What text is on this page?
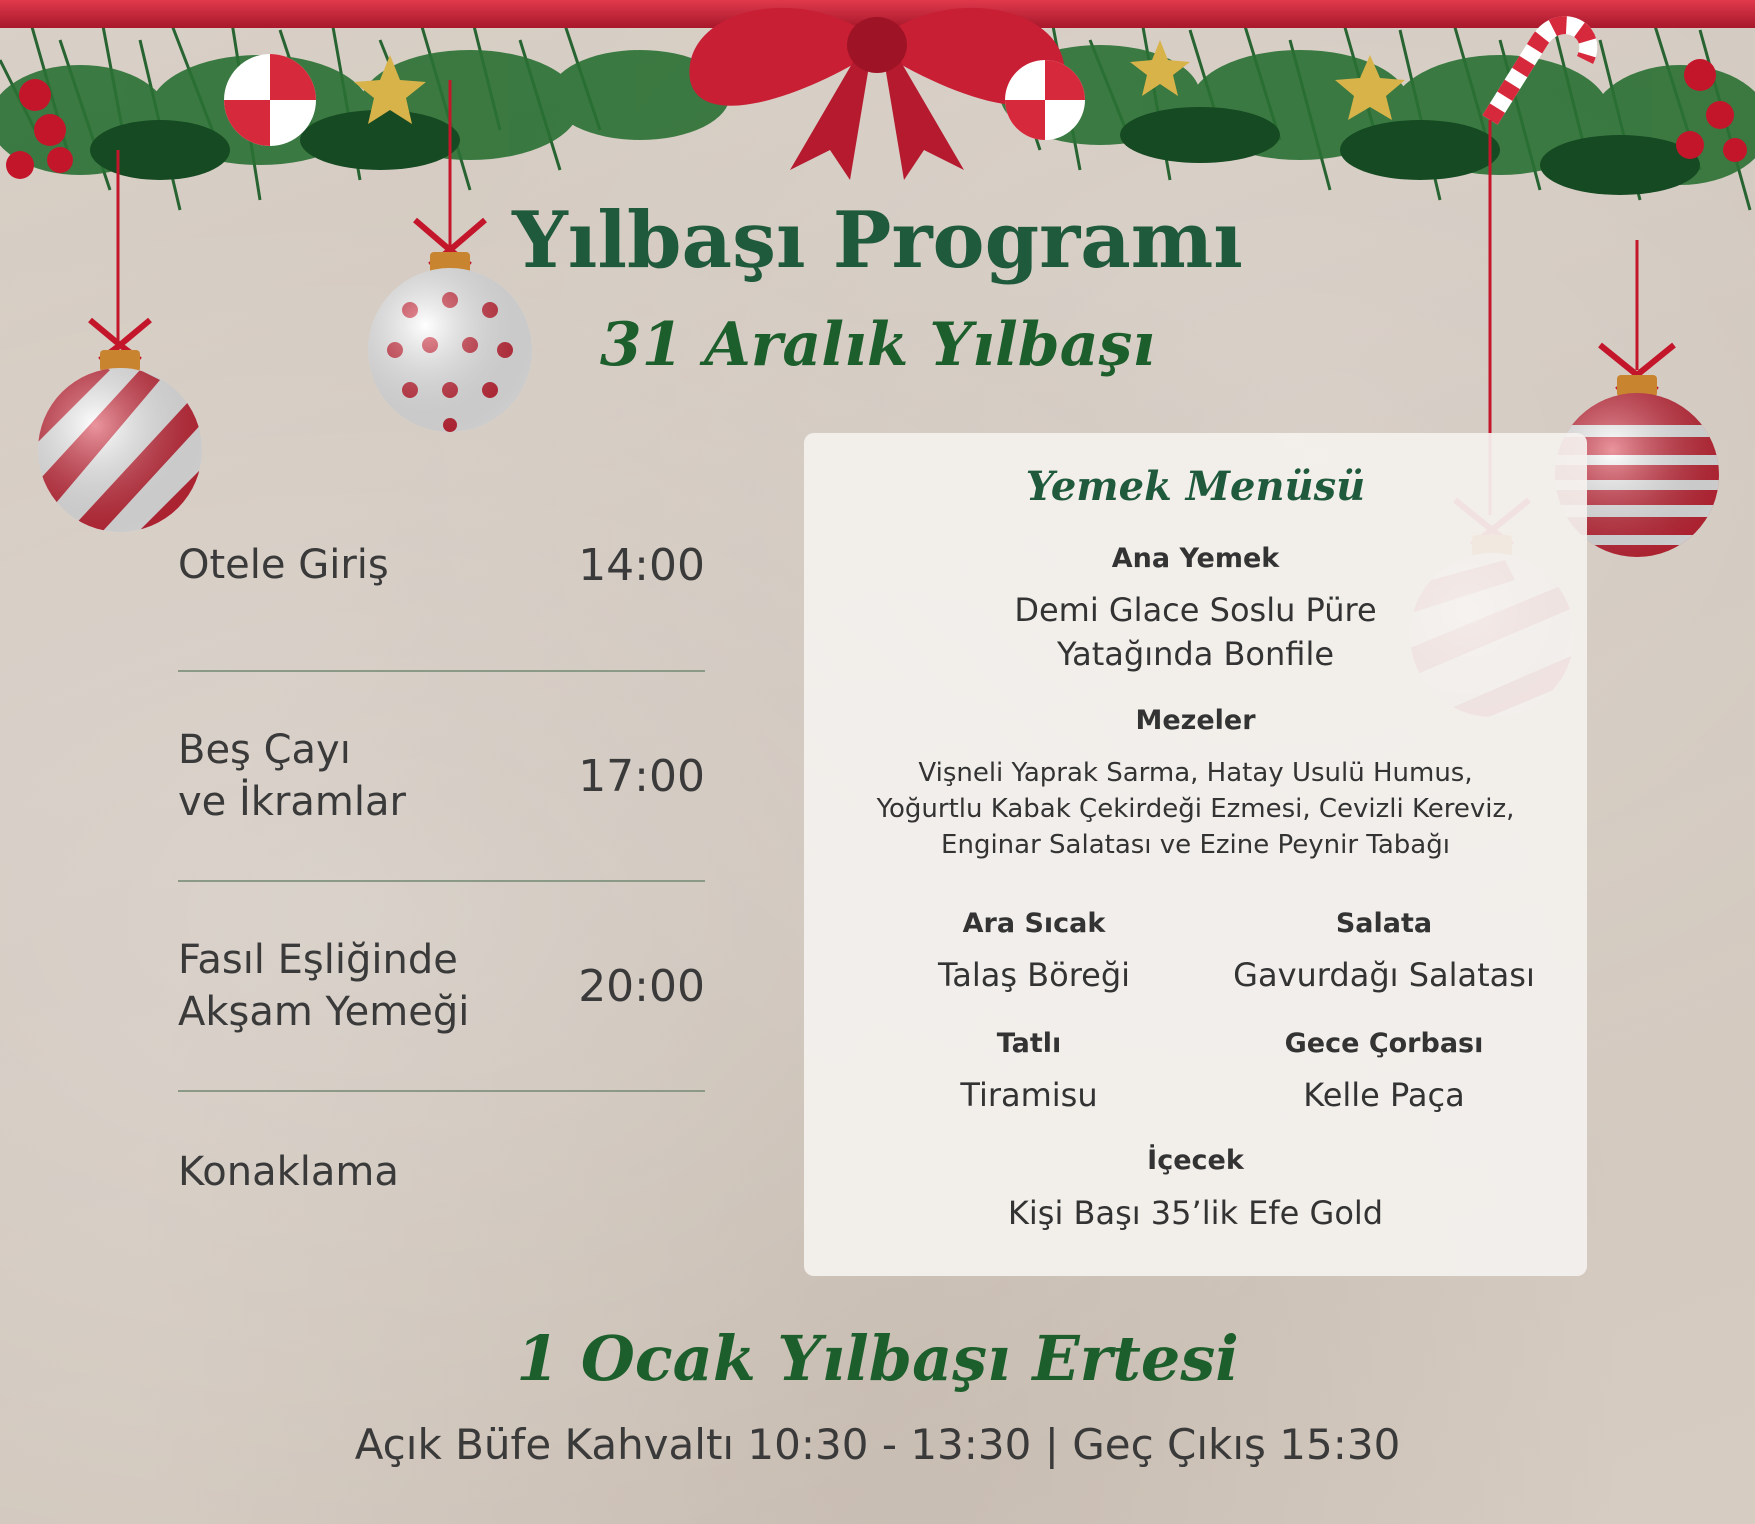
Yılbaşı Programı
31 Aralık Yılbaşı
Otele Giriş	14:00
Beş Çayı
ve İkramlar
17:00
Fasıl Eşliğinde
Akşam Yemeği
20:00
Konaklama
Yemek Menüsü
Ana Yemek
Demi Glace Soslu Püre
Yatağında Bonfile
Mezeler
Vişneli Yaprak Sarma, Hatay Usulü Humus,
Yoğurtlu Kabak Çekirdeği Ezmesi, Cevizli Kereviz,
Enginar Salatası ve Ezine Peynir Tabağı
Ara Sıcak
Talaş Böreği
Salata
Gavurdağı Salatası
Tatlı
Tiramisu
Gece Çorbası
Kelle Paça
İçecek
Kişi Başı 35’lik Efe Gold
1 Ocak Yılbaşı Ertesi
Açık Büfe Kahvaltı 10:30 - 13:30 | Geç Çıkış 15:30
